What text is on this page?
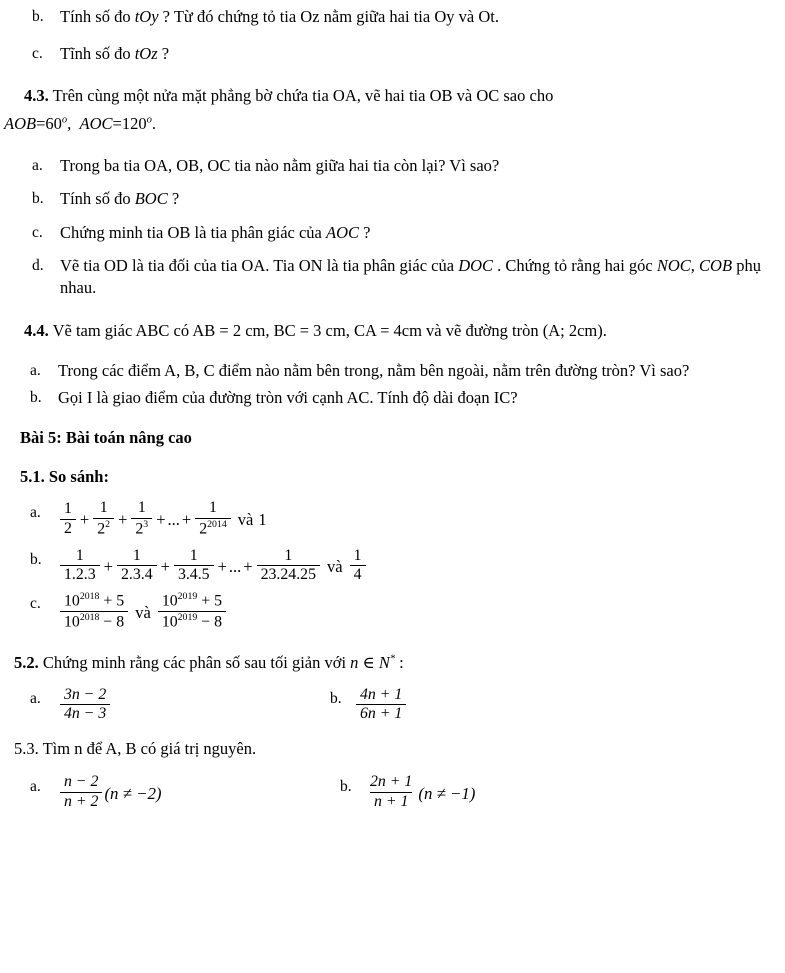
b. Tính số đo tOy ? Từ đó chứng tỏ tia Oz nằm giữa hai tia Oy và Ot.
c.	Tĩnh số đo tOz ?
4.3. Trên cùng một nửa mặt phẳng bờ chứa tia OA, vẽ hai tia OB và OC sao cho
$AOB=60^o$, $AOC=120^o$.
a.	Trong ba tia OA, OB, OC tia nào nằm giữa hai tia còn lại? Vì sao?
b. Tính số đo BOC ?
c.	Chứng minh tia OB là tia phân giác của AOC ?
d. Vẽ tia OD là tia đối của tia OA. Tia ON là tia phân giác của DOC . Chứng tỏ rằng hai góc NOC, COB phụ nhau.
4.4. Vẽ tam giác ABC có AB = 2 cm, BC = 3 cm, CA = 4cm và vẽ đường tròn (A; 2cm).
a.	Trong các điểm A, B, C điểm nào nằm bên trong, nằm bên ngoài, nằm trên đường tròn? Vì sao?
b. Gọi I là giao điểm của đường tròn với cạnh AC. Tính độ dài đoạn IC?
Bài 5: Bài toán nâng cao
5.1. So sánh:
a.	$\frac{1}{2} + \frac{1}{2^2} + \frac{1}{2^3}$ + ... + $\frac{1}{2^{2014}}$ và 1
b.	$\frac{1}{1.2.3} + \frac{1}{2.3.4} + \frac{1}{3.4.5}$ + ... + $\frac{1}{23.24.25}$ và $\frac{1}{4}$
c.	$\frac{10^{2018} + 5}{10^{2018} - 8}$ và $\frac{10^{2019} + 5}{10^{2019} - 8}$
5.2. Chứng minh rằng các phân số sau tối giản với n ∈ N* :
a.	$\frac{3n - 2}{4n - 3}$	b. $\frac{4n + 1}{6n + 1}$
5.3. Tìm n để A, B có giá trị nguyên.
a.	$\frac{n - 2}{n + 2} (n \ne -2)$	b. $\frac{2n + 1}{n + 1} (n \ne -1)$
